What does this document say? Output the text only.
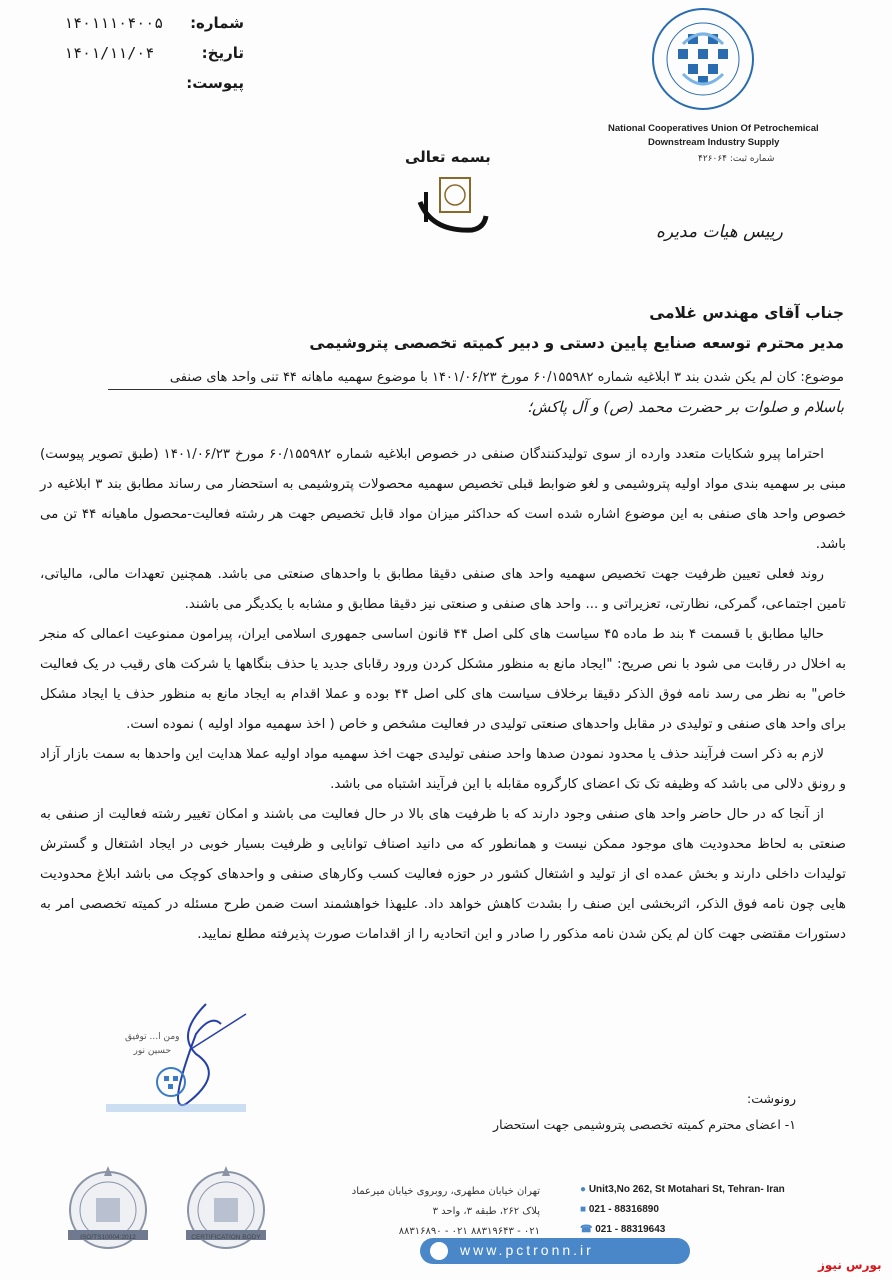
شماره:
۱۴۰۱۱۱۰۴۰۰۵
تاریخ:
۱۴۰۱/۱۱/۰۴
پیوست:
National Cooperatives Union Of Petrochemical
Downstream Industry Supply
شماره ثبت: ۴۲۶۰۶۴
بسمه تعالی
رییس هیات مدیره
جناب آقای مهندس غلامی
مدیر محترم توسعه صنایع پایین دستی و دبیر کمیته تخصصی پتروشیمی
موضوع: کان لم یکن شدن بند ۳ ابلاغیه شماره ۶۰/۱۵۵۹۸۲ مورخ ۱۴۰۱/۰۶/۲۳ با موضوع سهمیه ماهانه ۴۴ تنی واحد های صنفی
باسلام و صلوات بر حضرت محمد (ص) و آل پاکش؛

احتراما پیرو شکایات متعدد وارده از سوی تولیدکنندگان صنفی در خصوص ابلاغیه شماره ۶۰/۱۵۵۹۸۲ مورخ ۱۴۰۱/۰۶/۲۳ (طبق تصویر پیوست) مبنی بر سهمیه بندی مواد اولیه پتروشیمی و لغو ضوابط قبلی تخصیص سهمیه محصولات پتروشیمی به استحضار می رساند مطابق بند ۳ ابلاغیه در خصوص واحد های صنفی به این موضوع اشاره شده است که حداکثر میزان مواد قابل تخصیص جهت هر رشته فعالیت-محصول ماهیانه ۴۴ تن می باشد.

روند فعلی تعیین ظرفیت جهت تخصیص سهمیه واحد های صنفی دقیقا مطابق با واحدهای صنعتی می باشد. همچنین تعهدات مالی، مالیاتی، تامین اجتماعی، گمرکی، نظارتی، تعزیراتی و ... واحد های صنفی و صنعتی نیز دقیقا مطابق و مشابه با یکدیگر می باشند.

حالیا مطابق با قسمت ۴ بند ط ماده ۴۵ سیاست های کلی اصل ۴۴ قانون اساسی جمهوری اسلامی ایران، پیرامون ممنوعیت اعمالی که منجر به اخلال در رقابت می شود با نص صریح: "ایجاد مانع به منظور مشکل کردن ورود رقابای جدید یا حذف بنگاهها یا شرکت های رقیب در یک فعالیت خاص" به نظر می رسد نامه فوق الذکر دقیقا برخلاف سیاست های کلی اصل ۴۴ بوده و عملا اقدام به ایجاد مانع به منظور حذف یا ایجاد مشکل برای واحد های صنفی و تولیدی در مقابل واحدهای صنعتی تولیدی در فعالیت مشخص و خاص ( اخذ سهمیه مواد اولیه ) نموده است.

لازم به ذکر است فرآیند حذف یا محدود نمودن صدها واحد صنفی تولیدی جهت اخذ سهمیه مواد اولیه عملا هدایت این واحدها به سمت بازار آزاد و رونق دلالی می باشد که وظیفه تک تک اعضای کارگروه مقابله با این فرآیند اشتباه می باشد.

از آنجا که در حال حاضر واحد های صنفی وجود دارند که با ظرفیت های بالا در حال فعالیت می باشند و امکان تغییر رشته فعالیت از صنفی به صنعتی به لحاظ محدودیت های موجود ممکن نیست و همانطور که می دانید اصناف توانایی و ظرفیت بسیار خوبی در ایجاد اشتغال و گسترش تولیدات داخلی دارند و بخش عمده ای از تولید و اشتغال کشور در حوزه فعالیت کسب وکارهای صنفی و واحدهای کوچک می باشد ابلاغ محدودیت هایی چون نامه فوق الذکر، اثربخشی این صنف را بشدت کاهش خواهد داد. علیهذا خواهشمند است ضمن طرح مسئله در کمیته تخصصی امر به دستورات مقتضی جهت کان لم یکن شدن نامه مذکور را صادر و این اتحادیه را از اقدامات صورت پذیرفته مطلع نمایید.

ومن ا... توفیق
حسین نور
رونوشت:
۱- اعضای محترم کمیته تخصصی پتروشیمی جهت استحضار
ISO/TS10004:2012	CERTIFICATION BODY
تهران خیابان مطهری، روبروی خیابان میرعماد
پلاک ۲۶۲، طبقه ۳، واحد ۳
۰۲۱ - ۸۸۳۱۹۶۴۳ ۰۲۱ - ۸۸۳۱۶۸۹۰
● Unit3,No 262, St Motahari St, Tehran- Iran
■ 021 - 88316890
☎ 021 - 88319643
www.pctronn.ir
بورس نیوز
